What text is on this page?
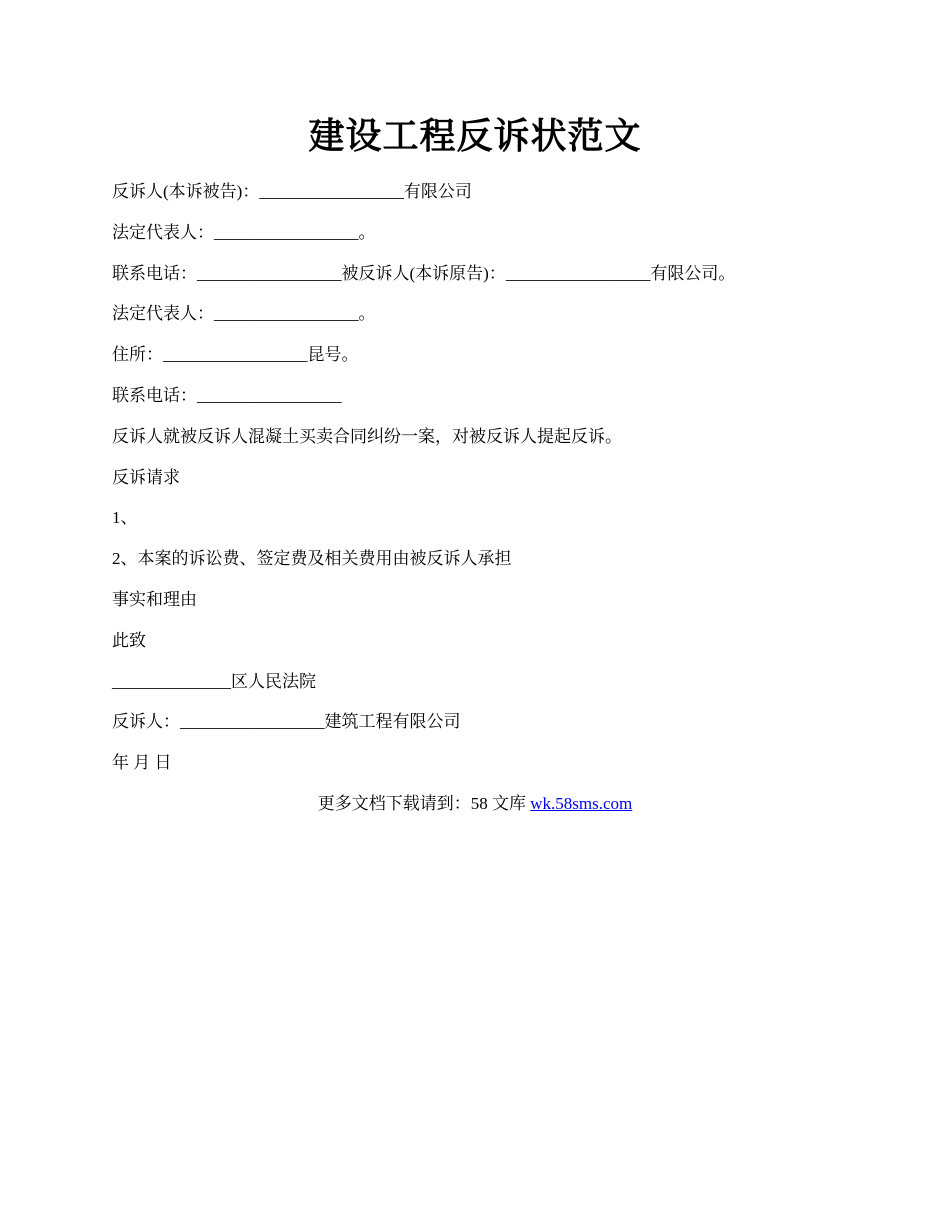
建设工程反诉状范文
反诉人(本诉被告)：_________________有限公司
法定代表人：_________________。
联系电话：_________________被反诉人(本诉原告)：_________________有限公司。
法定代表人：_________________。
住所：_________________昆号。
联系电话：_________________
反诉人就被反诉人混凝土买卖合同纠纷一案，对被反诉人提起反诉。
反诉请求
1、
2、本案的诉讼费、签定费及相关费用由被反诉人承担
事实和理由
此致
______________区人民法院
反诉人：_________________建筑工程有限公司
年 月 日
更多文档下载请到：58 文库 wk.58sms.com
